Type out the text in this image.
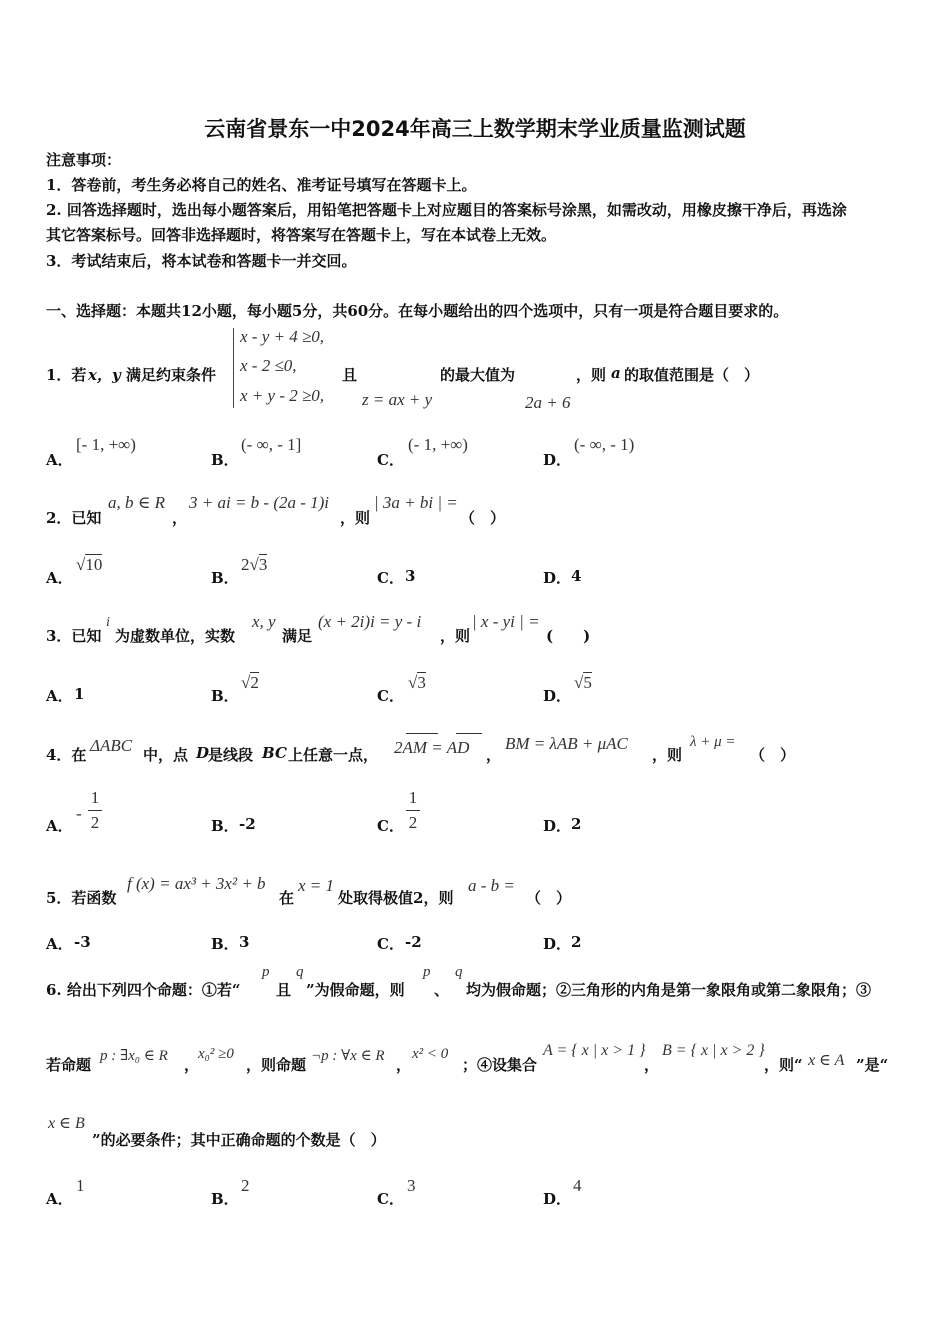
云南省景东一中2024年高三上数学期末学业质量监测试题
注意事项：
1．答卷前，考生务必将自己的姓名、准考证号填写在答题卡上。
2. 回答选择题时，选出每小题答案后，用铅笔把答题卡上对应题目的答案标号涂黑，如需改动，用橡皮擦干净后，再选涂
其它答案标号。回答非选择题时，将答案写在答题卡上，写在本试卷上无效。
3．考试结束后，将本试卷和答题卡一并交回。
一、选择题：本题共12小题，每小题5分，共60分。在每小题给出的四个选项中，只有一项是符合题目要求的。
1．若 x，y 满足约束条件
x - y + 4 ≥0,
x - 2 ≤0,
x + y - 2 ≥0,
且
z = ax + y
的最大值为
2a + 6
，则 a 的取值范围是（　）
A．
[- 1, +∞)
B．
(- ∞, - 1]
C．
(- 1, +∞)
D．
(- ∞, - 1)
2．已知
a, b ∈ R
，
3 + ai = b - (2a - 1)i
，则
| 3a + bi | =
（　）
A．
√10
B．
2√3
C． 3	D． 4
3．已知
i
为虚数单位，实数
x, y
满足
(x + 2i)i = y - i
，则
| x - yi | =
(　　)
A． 1	B．
√2
C．
√3
D．
√5
4．在 ΔABC 中，点 D
是线段 BC 上任意一点， 2AM = AD ，
BM = λAB + μAC
，则
λ + μ =
（　）
A．
-
1
2	B． -2	C．
1
2	D． 2
5．若函数
f (x) = ax³ + 3x² + b
在
x = 1
处取得极值2，则
a - b =
（　）
A． -3	B． 3	C． -2	D． 2
6. 给出下列四个命题：①若“
p
且
q
”为假命题，则
p
、
q
均为假命题；②三角形的内角是第一象限角或第二象限角；③
若命题 p : ∃x₀ ∈ R ，
x₀² ≥0
，则命题 ¬p : ∀x ∈ R ，
x² < 0
；④设集合
A = { x | x > 1 }
，
B = { x | x > 2 }
，则“ x ∈ A ”是“
x ∈ B
”的必要条件；其中正确命题的个数是（　）
A．
1
B．
2
C．
3
D．
4
